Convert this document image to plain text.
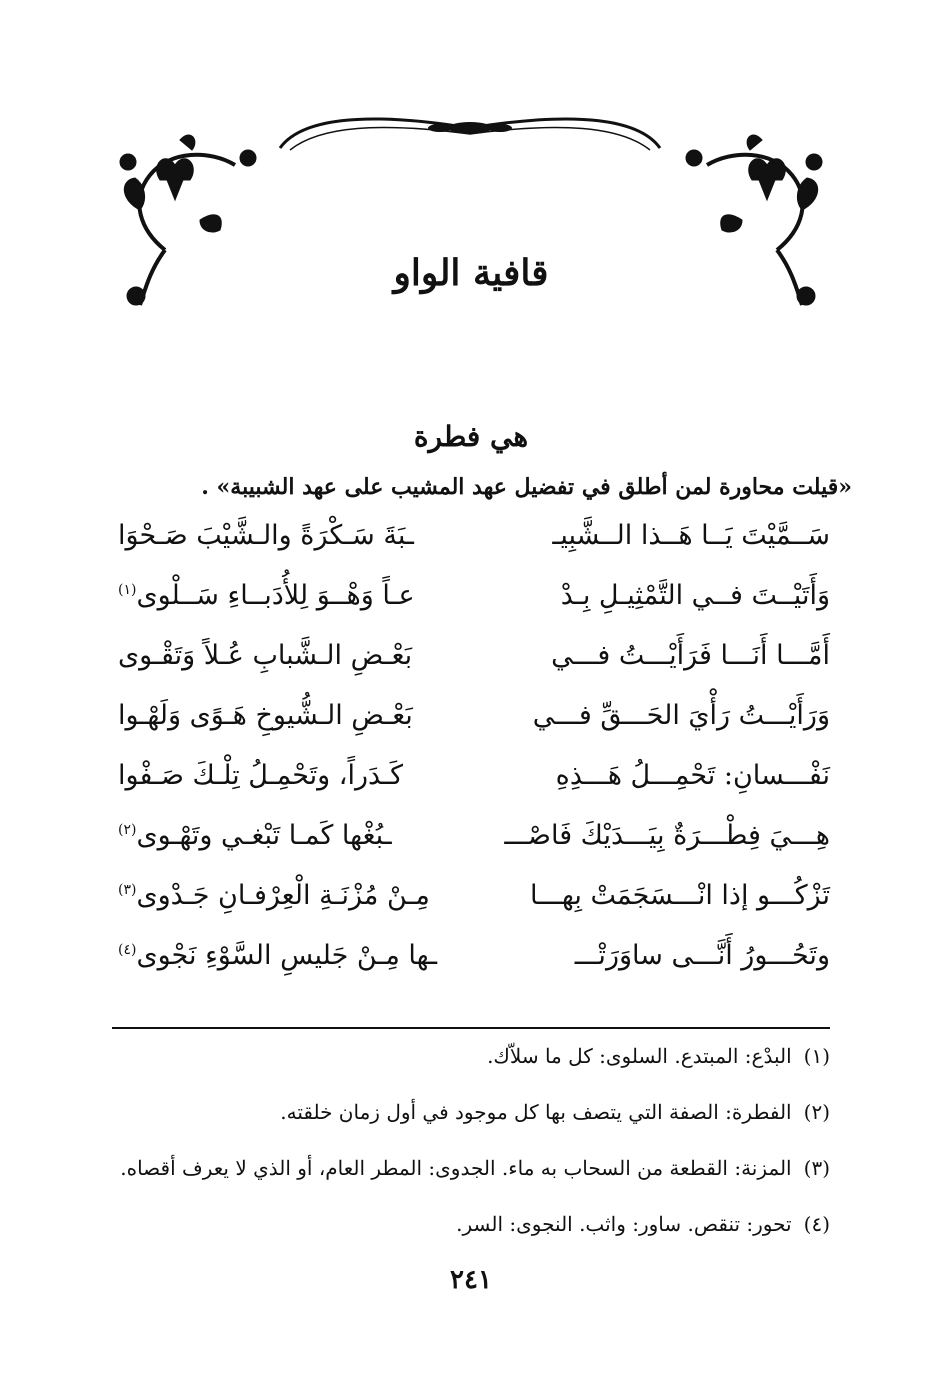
قافية الواو
هي فطرة
«قيلت محاورة لمن أطلق في تفضيل عهد المشيب على عهد الشبيبة» .
سَــمَّيْتَ يَــا هَــذا الــشَّبِيـ
ـبَةَ سَـكْرَةً والـشَّيْبَ صَـحْوَا
وَأَتَيْــتَ فــي التَّمْثِيـلِ بِـدْ
عـاً وَهْــوَ لِلأُدَبــاءِ سَــلْوى$^{(١)}$
أَمَّـــا أَنَـــا فَرَأَيْـــتُ فـــي
بَعْـضِ الـشَّبابِ عُـلاً وَتَقْـوى
وَرَأَيْـــتُ رَأْيَ الحَـــقِّ فـــي
بَعْـضِ الـشُّيوخِ هَـوًى وَلَهْـوا
نَفْـــسانِ: تَحْمِـــلُ هَـــذِهِ
كَـدَراً، وتَحْمِـلُ تِلْـكَ صَـفْوا
هِـــيَ فِطْـــرَةٌ بِيَـــدَيْكَ فَاصْـــ
ـبُغْها كَمـا تَبْغـي وتَهْـوى$^{(٢)}$
تَزْكُـــو إذا انْـــسَجَمَتْ بِهـــا
مِـنْ مُزْنَـةِ الْعِرْفـانِ جَـدْوى$^{(٣)}$
وتَحُـــورُ أَنَّـــى ساوَرَتْـــ
ـها مِـنْ جَليسِ السَّوْءِ نَجْوى$^{(٤)}$
(١)البدْع: المبتدع. السلوى: كل ما سلاّك.
(٢)الفطرة: الصفة التي يتصف بها كل موجود في أول زمان خلقته.
(٣)المزنة: القطعة من السحاب به ماء. الجدوى: المطر العام، أو الذي لا يعرف أقصاه.
(٤)تحور: تنقص. ساور: واثب. النجوى: السر.
٢٤١
